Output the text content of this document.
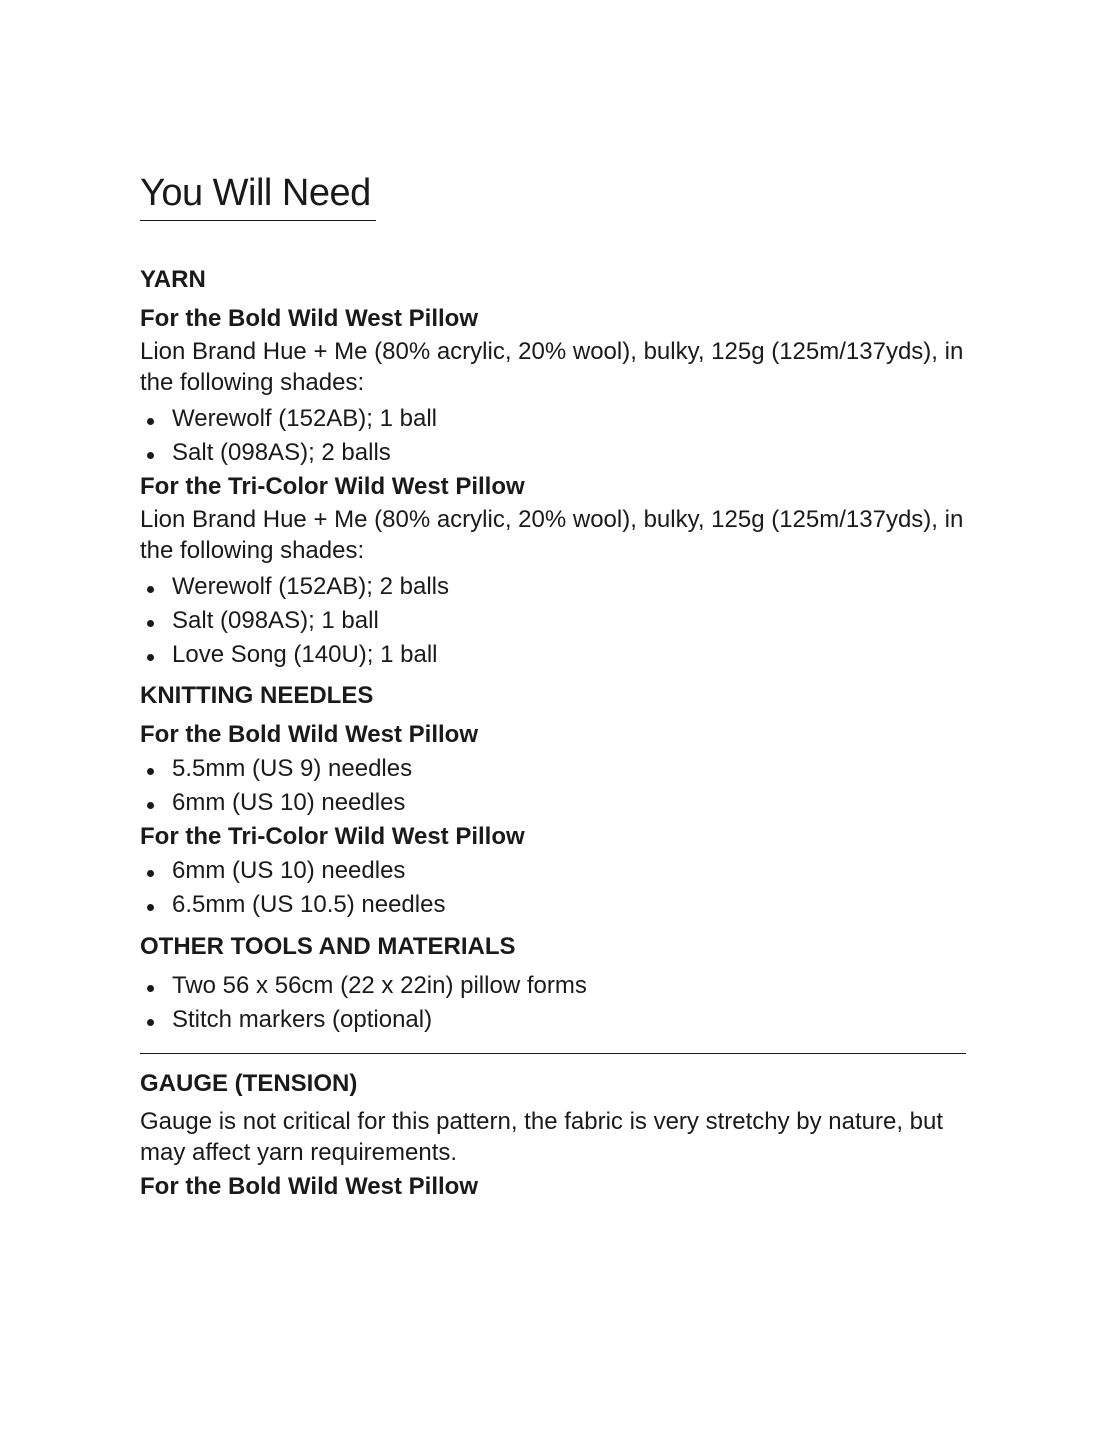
You Will Need
YARN
For the Bold Wild West Pillow

Lion Brand Hue + Me (80% acrylic, 20% wool), bulky, 125g (125m/137yds), in the following shades:

Werewolf (152AB); 1 ball
Salt (098AS); 2 balls
For the Tri-Color Wild West Pillow

Lion Brand Hue + Me (80% acrylic, 20% wool), bulky, 125g (125m/137yds), in the following shades:

Werewolf (152AB); 2 balls
Salt (098AS); 1 ball
Love Song (140U); 1 ball
KNITTING NEEDLES
For the Bold Wild West Pillow
5.5mm (US 9) needles
6mm (US 10) needles
For the Tri-Color Wild West Pillow
6mm (US 10) needles
6.5mm (US 10.5) needles
OTHER TOOLS AND MATERIALS
Two 56 x 56cm (22 x 22in) pillow forms
Stitch markers (optional)
GAUGE (TENSION)

Gauge is not critical for this pattern, the fabric is very stretchy by nature, but may affect yarn requirements.

For the Bold Wild West Pillow
